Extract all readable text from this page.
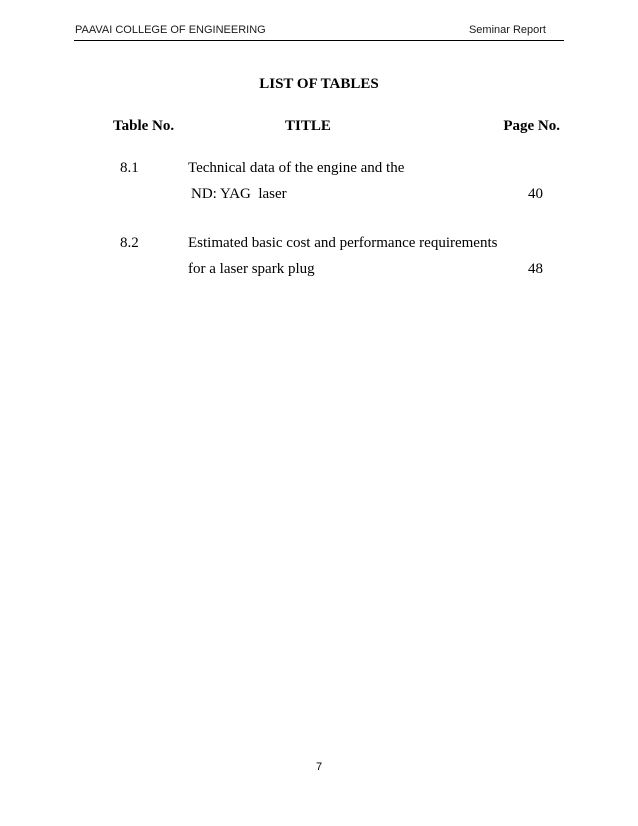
PAAVAI COLLEGE OF ENGINEERING	Seminar Report
LIST OF TABLES
Table No.	TITLE	Page No.
8.1	Technical data of the engine and the
ND: YAG  laser	40
8.2	Estimated basic cost and performance requirements
for a laser spark plug	48
7
